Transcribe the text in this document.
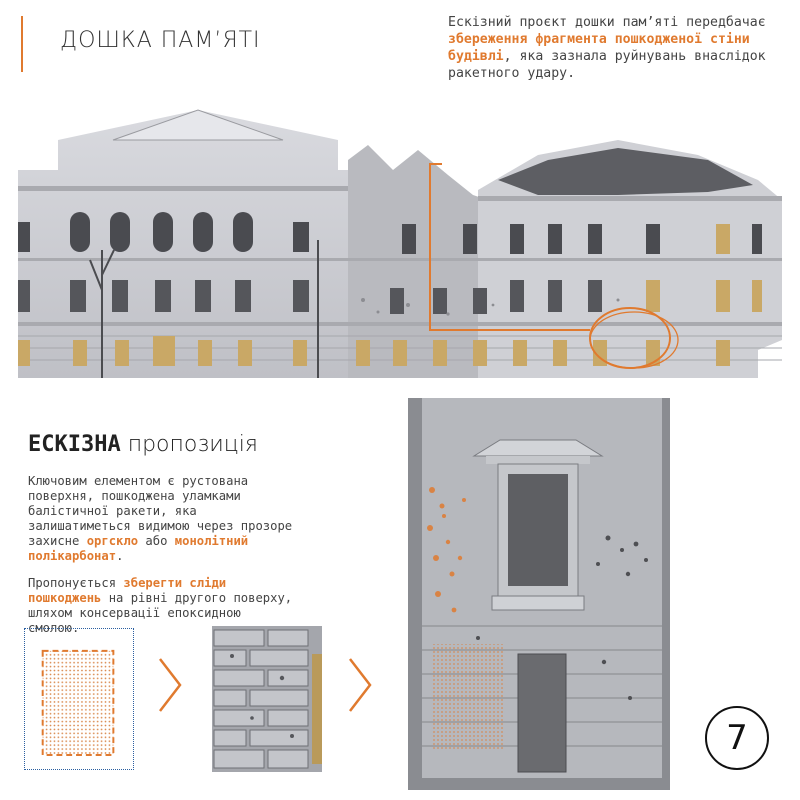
ДОШКА ПАМ’ЯТІ

Ескізний проєкт дошки пам’яті передбачає збереження фрагмента пошкодженої стіни будівлі, яка зазнала руйнувань внаслідок ракетного удару.

ЕСКІЗНА пропозиція

Ключовим елементом є рустована поверхня, пошкоджена уламками балістичної ракети, яка залишатиметься видимою через прозоре захисне оргскло або монолітний полікарбонат.

Пропонується зберегти сліди пошкоджень на рівні другого поверху, шляхом консервації епоксидною смолою.

7
